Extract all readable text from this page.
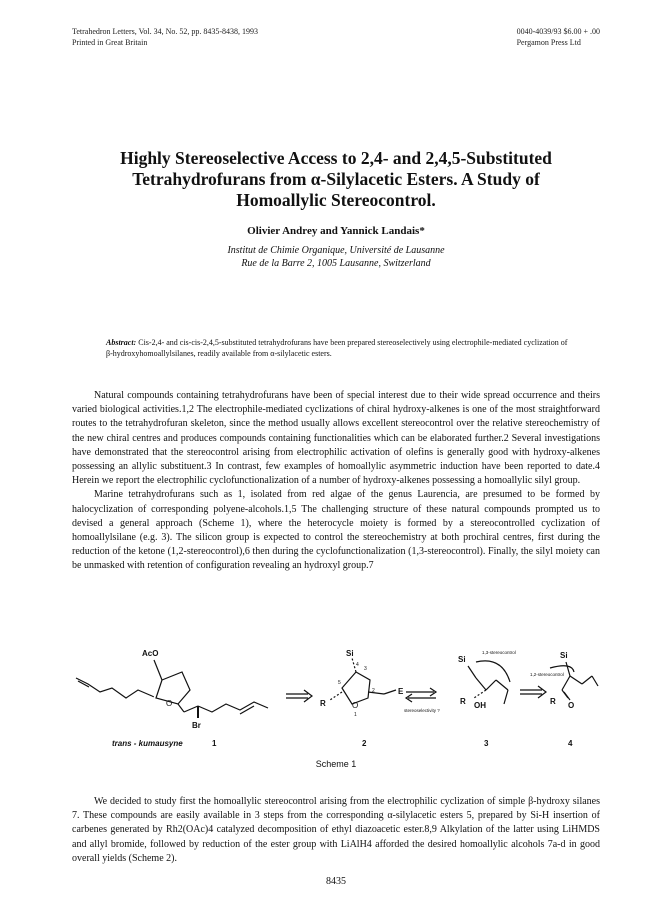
Tetrahedron Letters, Vol. 34, No. 52, pp. 8435-8438, 1993
Printed in Great Britain
0040-4039/93 $6.00 + .00
Pergamon Press Ltd
Highly Stereoselective Access to 2,4- and 2,4,5-Substituted
Tetrahydrofurans from α-Silylacetic Esters. A Study of
Homoallylic Stereocontrol.
Olivier Andrey and Yannick Landais*
Institut de Chimie Organique, Université de Lausanne
Rue de la Barre 2, 1005 Lausanne, Switzerland
Abstract: Cis-2,4- and cis-cis-2,4,5-substituted tetrahydrofurans have been prepared stereoselectively using electrophile-mediated cyclization of β-hydroxyhomoallylsilanes, readily available from α-silylacetic esters.

Natural compounds containing tetrahydrofurans have been of special interest due to their wide spread occurrence and theirs varied biological activities.1,2 The electrophile-mediated cyclizations of chiral hydroxy-alkenes is one of the most straightforward routes to the tetrahydrofuran skeleton, since the method usually allows excellent stereocontrol over the relative stereochemistry of the new chiral centres and produces compounds containing functionalities which can be elaborated further.2 Several investigations have demonstrated that the stereocontrol arising from electrophilic activation of olefins is generally good with hydroxy-alkenes possessing an allylic substituent.3 In contrast, few examples of homoallylic asymmetric induction have been reported to date.4 Herein we report the electrophilic cyclofunctionalization of a number of hydroxy-alkenes possessing a homoallylic silyl group.

Marine tetrahydrofurans such as 1, isolated from red algae of the genus Laurencia, are presumed to be formed by halocyclization of corresponding polyene-alcohols.1,5 The challenging structure of these natural compounds prompted us to devised a general approach (Scheme 1), where the heterocycle moiety is formed by a stereocontrolled cyclization of homoallylsilane (e.g. 3). The silicon group is expected to control the stereochemistry at both prochiral centres, first during the reduction of the ketone (1,2-stereocontrol),6 then during the cyclofunctionalization (1,3-stereocontrol). Finally, the silyl moiety can be unmasked with retention of configuration revealing an hydroxyl group.7

AcO
Br
O
trans - kumausyne	1
Si
R	O
E
2
3
4
5
2
1
stereoselectivity ?
Si
1,3-stereocontrol
R OH
3
Si
1,2-stereocontrol
R O
4
Scheme 1

We decided to study first the homoallylic stereocontrol arising from the electrophilic cyclization of simple β-hydroxy silanes 7. These compounds are easily available in 3 steps from the corresponding α-silylacetic esters 5, prepared by Si-H insertion of carbenes generated by Rh2(OAc)4 catalyzed decomposition of ethyl diazoacetic ester.8,9 Alkylation of the latter using LiHMDS and allyl bromide, followed by reduction of the ester group with LiAlH4 afforded the desired homoallylic alcohols 7a-d in good overall yields (Scheme 2).

8435
